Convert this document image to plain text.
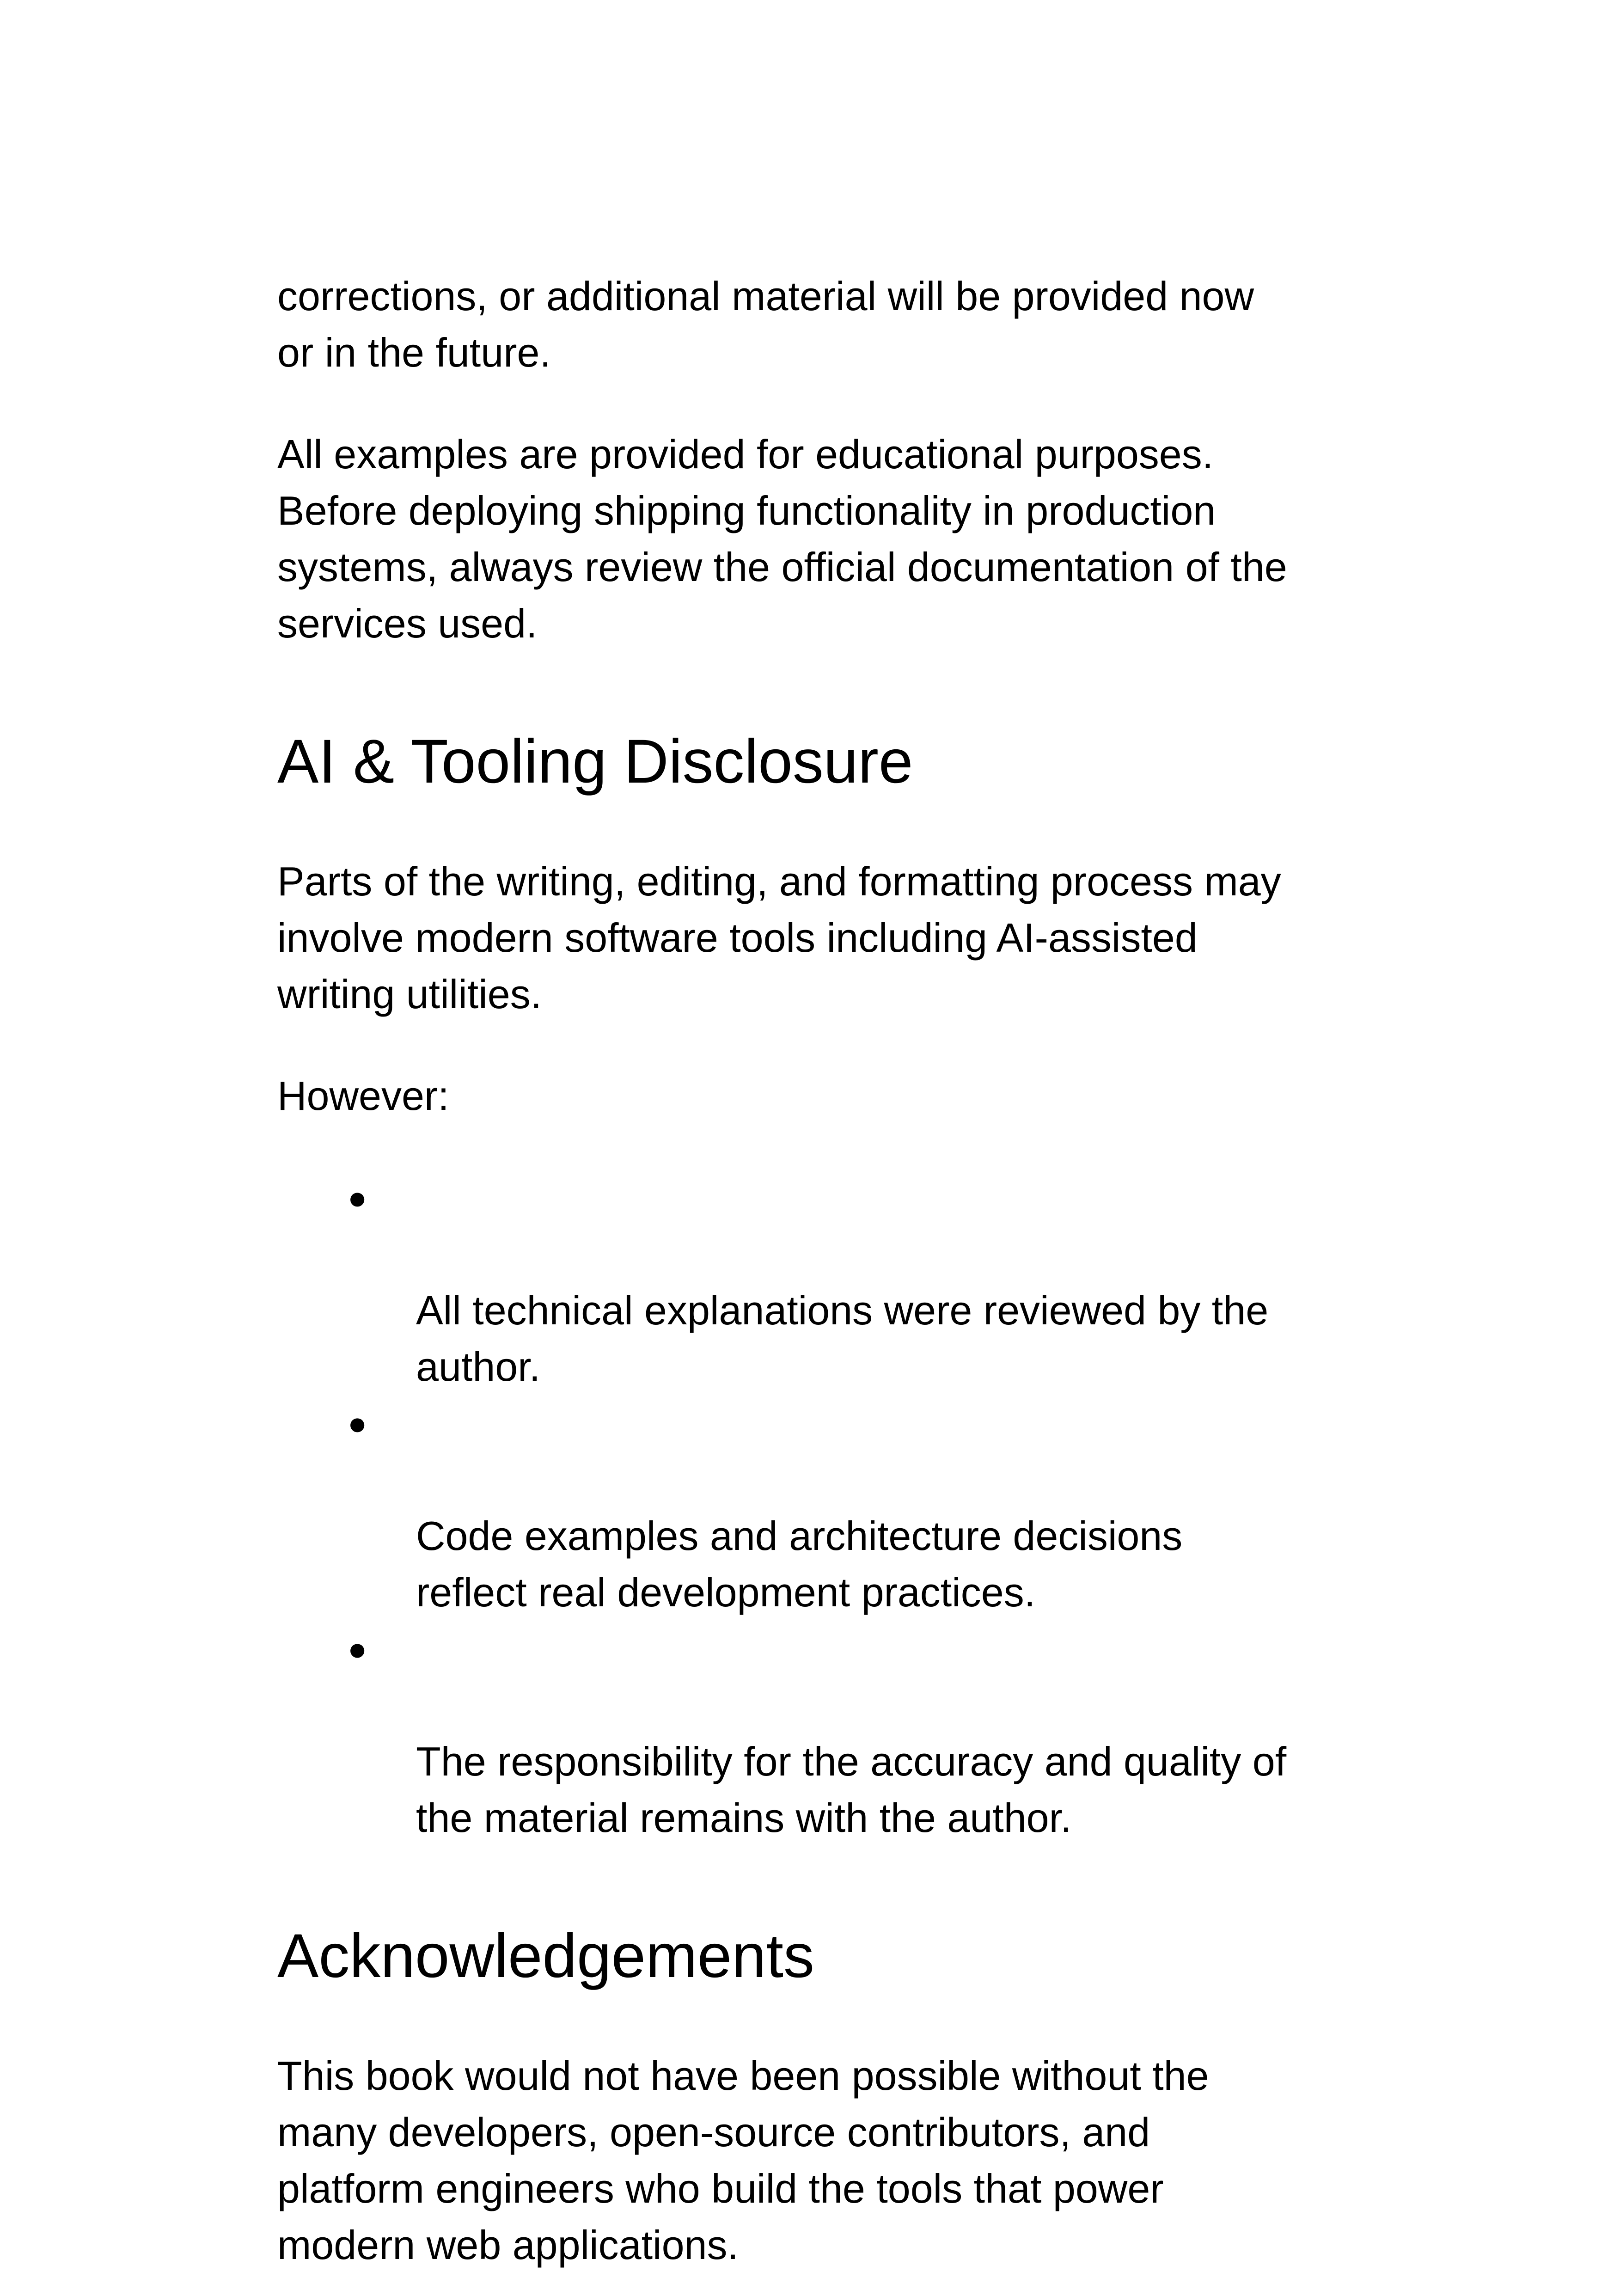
corrections, or additional material will be provided now
or in the future.

All examples are provided for educational purposes.
Before deploying shipping functionality in production
systems, always review the official documentation of the
services used.

AI & Tooling Disclosure

Parts of the writing, editing, and formatting process may
involve modern software tools including AI-assisted
writing utilities.

However:

●

All technical explanations were reviewed by the
author.

●

Code examples and architecture decisions
reflect real development practices.

●

The responsibility for the accuracy and quality of
the material remains with the author.

Acknowledgements

This book would not have been possible without the
many developers, open-source contributors, and
platform engineers who build the tools that power
modern web applications.
